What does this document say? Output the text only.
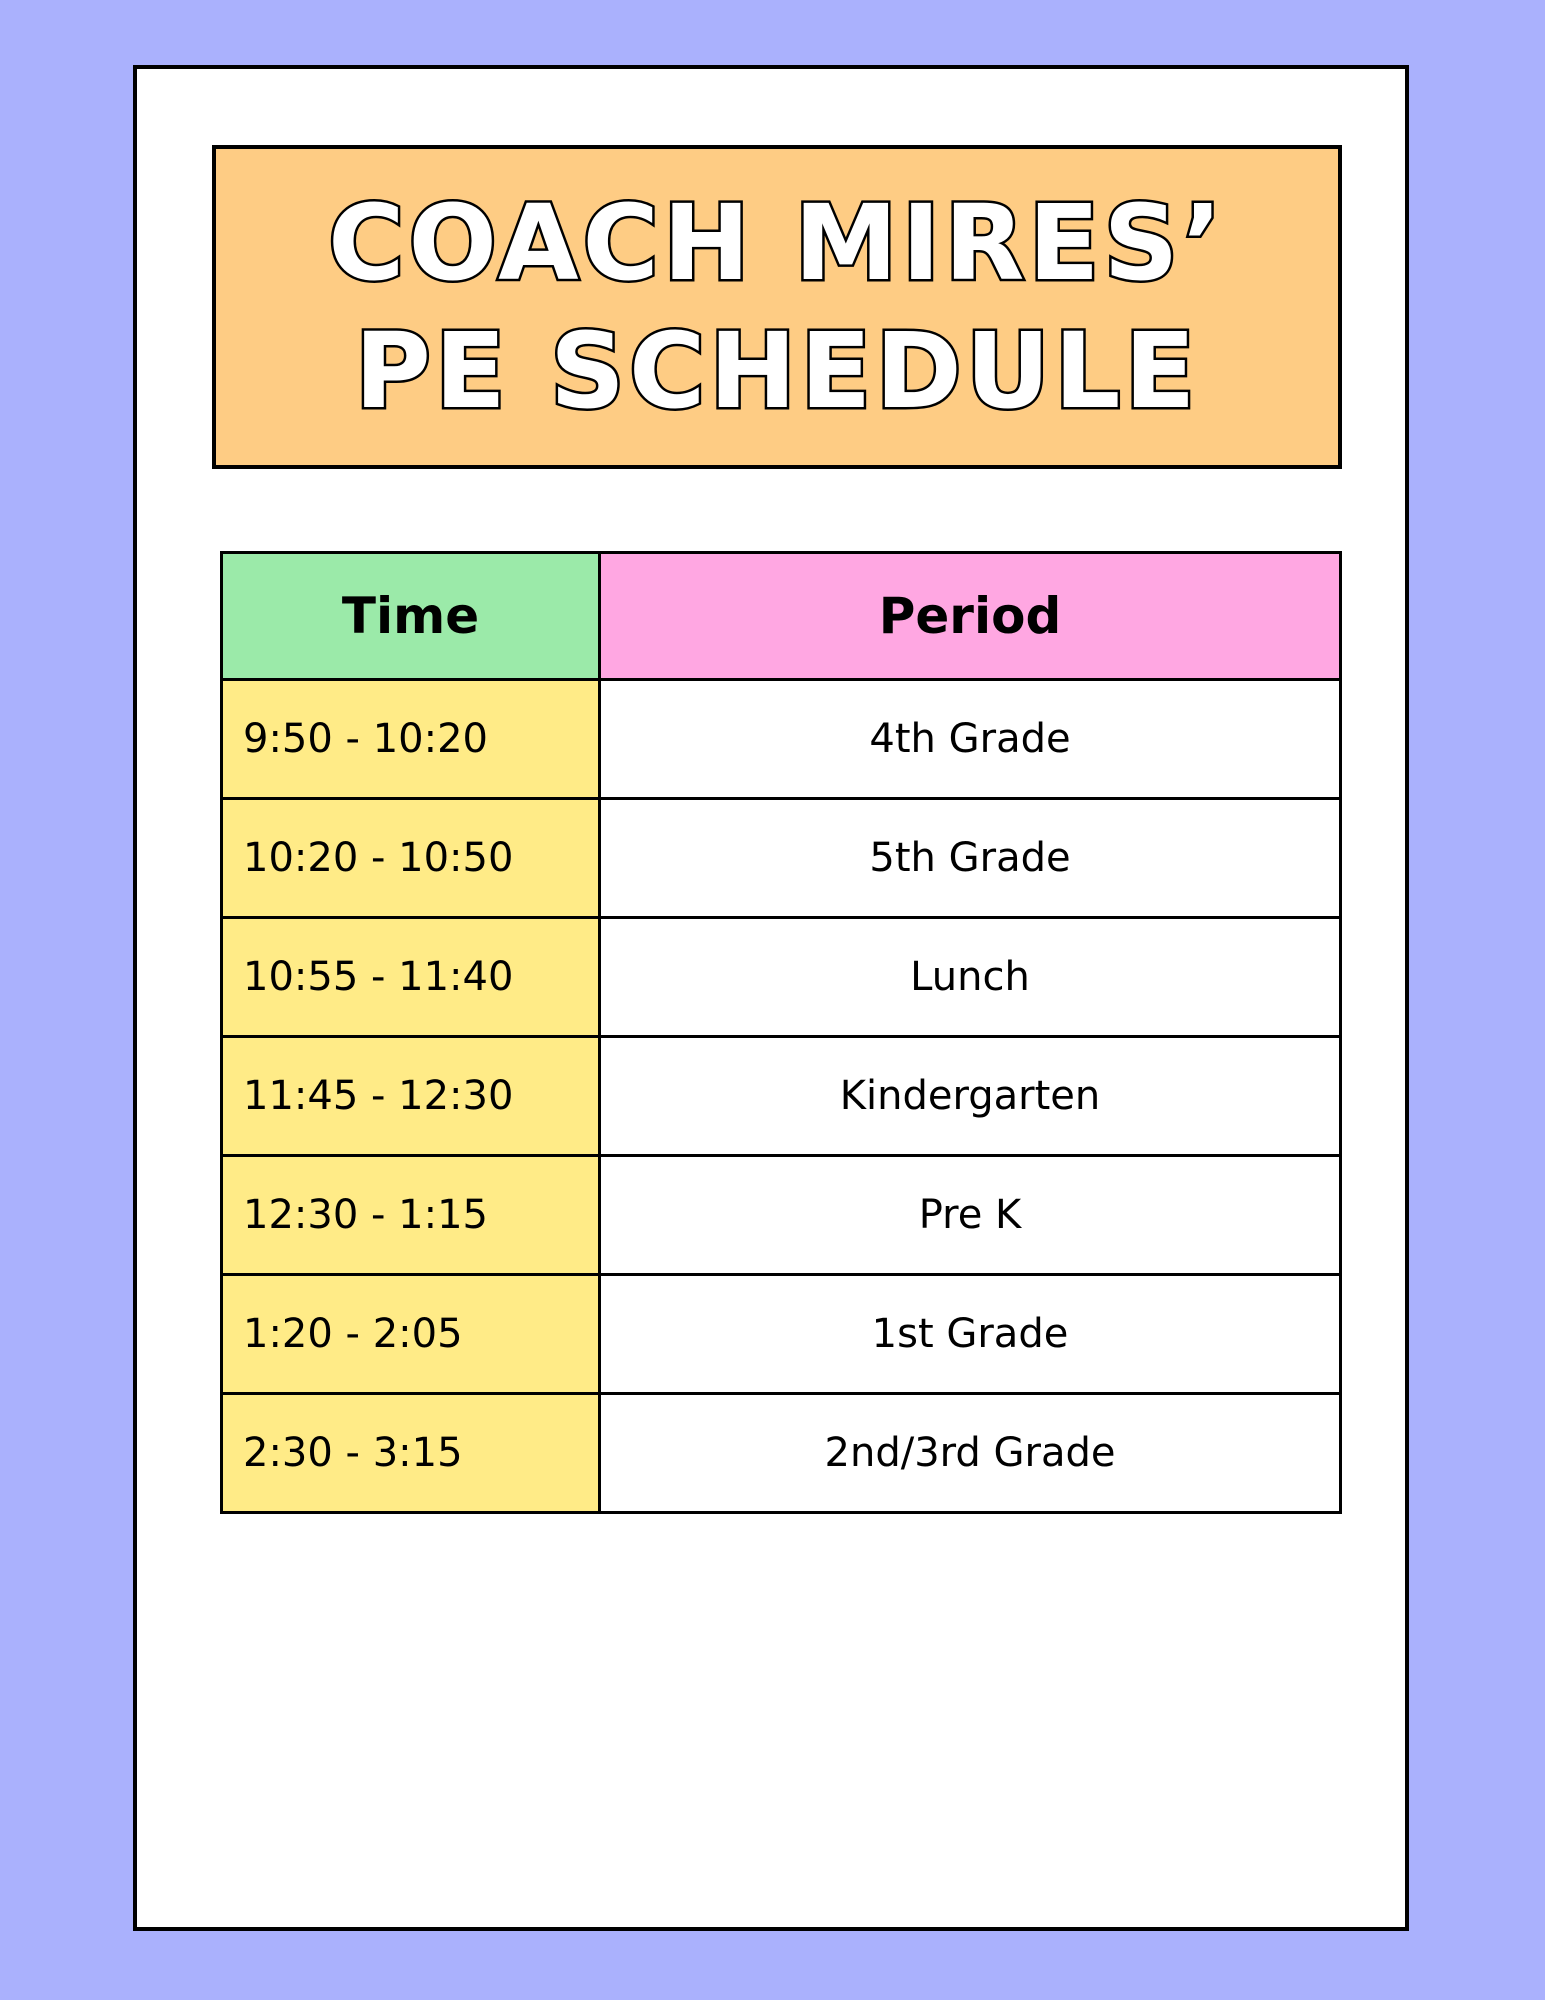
COACH MIRES’
PE SCHEDULE
Time	Period
9:50 - 10:20	4th Grade
10:20 - 10:50	5th Grade
10:55 - 11:40	Lunch
11:45 - 12:30	Kindergarten
12:30 - 1:15	Pre K
1:20 - 2:05	1st Grade
2:30 - 3:15	2nd/3rd Grade
